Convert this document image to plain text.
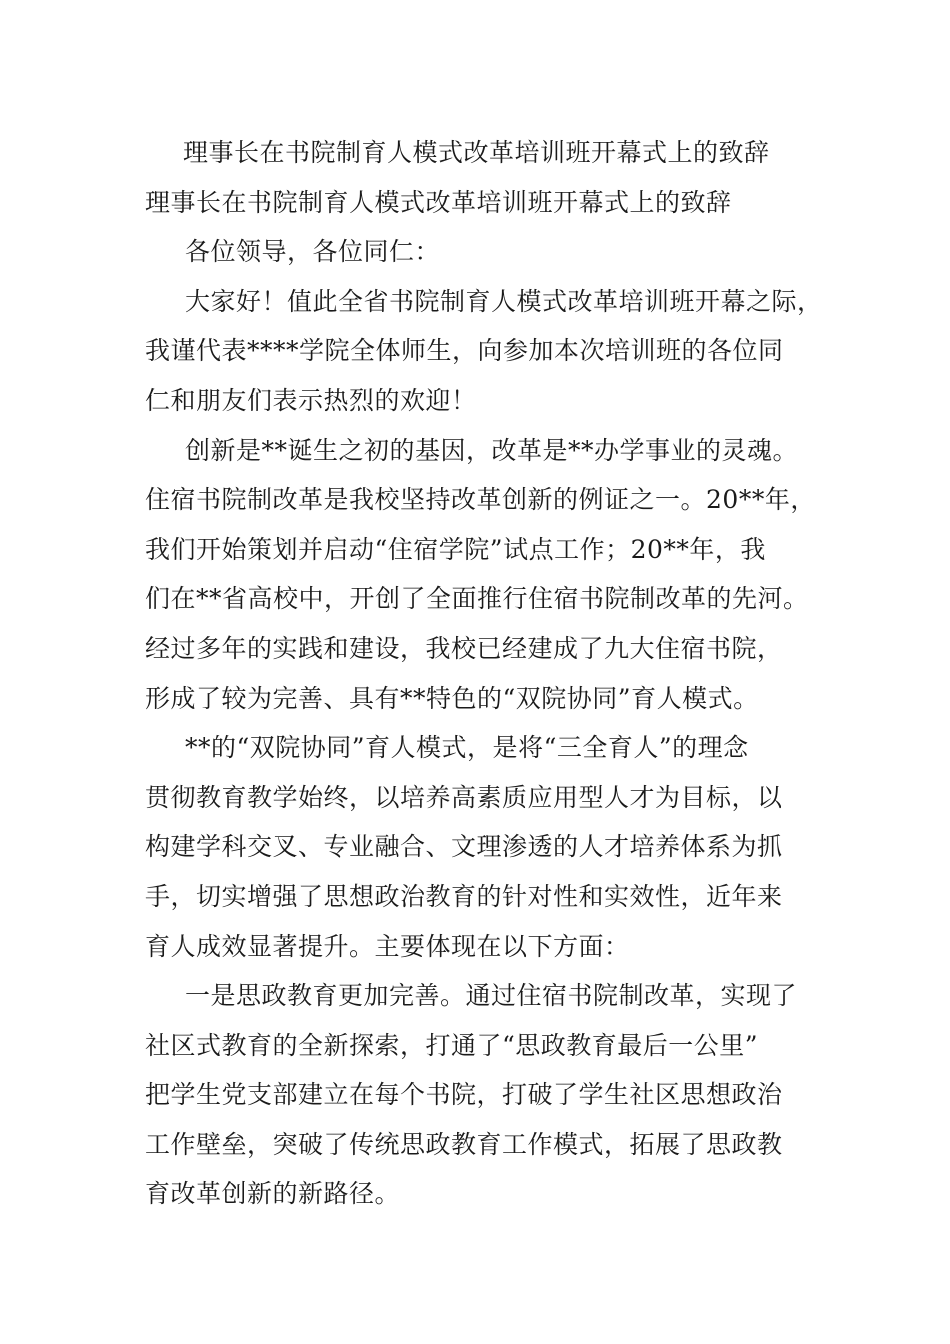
理事长在书院制育人模式改革培训班开幕式上的致辞
理事长在书院制育人模式改革培训班开幕式上的致辞
各位领导，各位同仁：
大家好！值此全省书院制育人模式改革培训班开幕之际，
我谨代表****学院全体师生，向参加本次培训班的各位同
仁和朋友们表示热烈的欢迎！
创新是**诞生之初的基因，改革是**办学事业的灵魂。
住宿书院制改革是我校坚持改革创新的例证之一。20**年，
我们开始策划并启动“住宿学院”试点工作；20**年，我
们在**省高校中，开创了全面推行住宿书院制改革的先河。
经过多年的实践和建设，我校已经建成了九大住宿书院，
形成了较为完善、具有**特色的“双院协同”育人模式。
**的“双院协同”育人模式，是将“三全育人”的理念
贯彻教育教学始终，以培养高素质应用型人才为目标，以
构建学科交叉、专业融合、文理渗透的人才培养体系为抓
手，切实增强了思想政治教育的针对性和实效性，近年来
育人成效显著提升。主要体现在以下方面：
一是思政教育更加完善。通过住宿书院制改革，实现了
社区式教育的全新探索，打通了“思政教育最后一公里”
把学生党支部建立在每个书院，打破了学生社区思想政治
工作壁垒，突破了传统思政教育工作模式，拓展了思政教
育改革创新的新路径。
